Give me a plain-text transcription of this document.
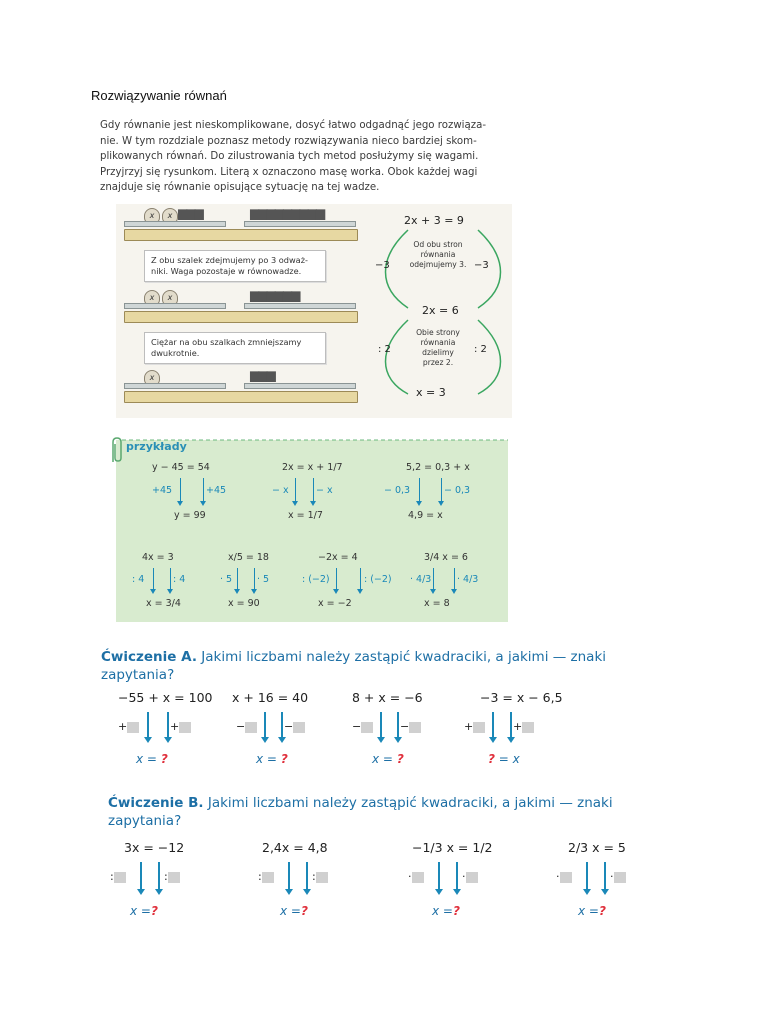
Rozwiązywanie równań
Gdy równanie jest nieskomplikowane, dosyć łatwo odgadnąć jego rozwiąza-
nie. W tym rozdziale poznasz metody rozwiązywania nieco bardziej skom-
plikowanych równań. Do zilustrowania tych metod posłużymy się wagami.
Przyjrzyj się rysunkom. Literą x oznaczono masę worka. Obok każdej wagi
znajduje się równanie opisujące sytuację na tej wadze.
x	x ▆▆▆	▆▆▆▆▆▆▆▆▆
Z obu szalek zdejmujemy po 3 odważ-
niki. Waga pozostaje w równowadze.
x	x	▆▆▆▆▆▆
Ciężar na obu szalkach zmniejszamy
dwukrotnie.
x	▆▆▆
2x + 3 = 9
Od obu stron
równania
odejmujemy 3.
−3	−3
2x = 6
Obie strony
równania
dzielimy
przez 2.
: 2	: 2
x = 3
przykłady
y − 45 = 54
+45	+45
y = 99
2x = x + 1/7
− x	− x
x = 1/7
5,2 = 0,3 + x
− 0,3	− 0,3
4,9 = x
4x = 3
: 4	: 4
x = 3/4
x/5 = 18
· 5	· 5
x = 90
−2x = 4
: (−2)	: (−2)
x = −2
3/4 x = 6
· 4/3	· 4/3
x = 8
Ćwiczenie A. Jakimi liczbami należy zastąpić kwadraciki, a jakimi — znaki zapytania?
−55 + x = 100
+	+
x = ?
x + 16 = 40
−	−
x = ?
8 + x = −6
−	−
x = ?
−3 = x − 6,5
+	+
? = x
Ćwiczenie B. Jakimi liczbami należy zastąpić kwadraciki, a jakimi — znaki zapytania?
3x = −12
:	:
x =?
2,4x = 4,8
:	:
x =?
−1/3 x = 1/2
·	·
x =?
2/3 x = 5
·	·
x =?
